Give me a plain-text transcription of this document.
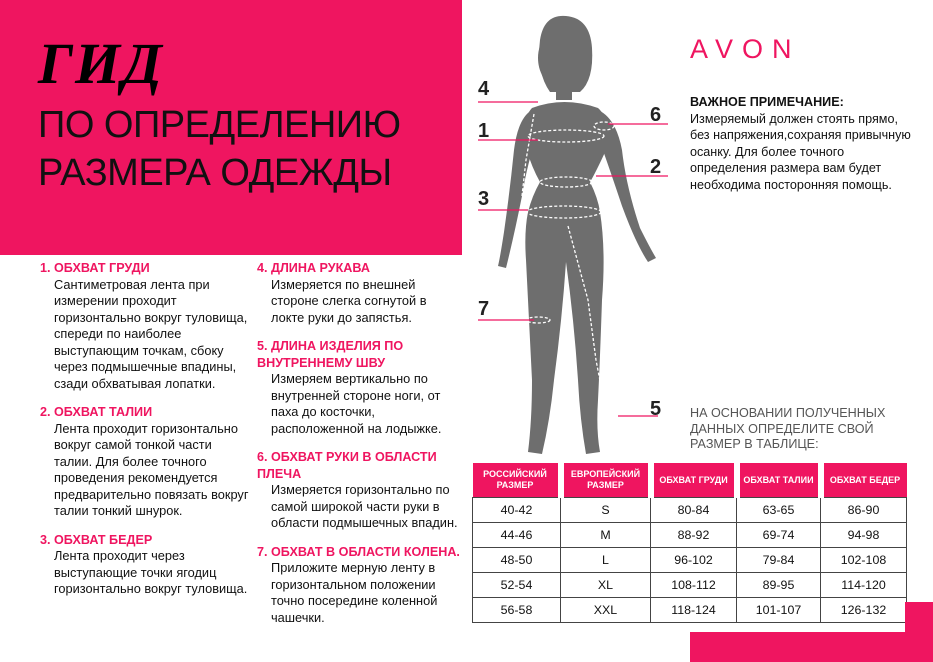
ГИД
ПО ОПРЕДЕЛЕНИЮ
РАЗМЕРА ОДЕЖДЫ
AVON
ВАЖНОЕ ПРИМЕЧАНИЕ:
Измеряемый должен стоять прямо, без напряжения,сохраняя привычную осанку. Для более точного определения размера вам будет необходима посторонняя помощь.
4
1
3
7
6
2
5
1. ОБХВАТ ГРУДИ
Сантиметровая лента при измерении проходит горизонтально вокруг туловища, спереди по наиболее выступающим точкам, сбоку через подмышечные впадины, сзади обхватывая лопатки.
2. ОБХВАТ ТАЛИИ
Лента проходит горизонтально вокруг самой тонкой части талии. Для более точного проведения рекомендуется предварительно повязать вокруг талии тонкий шнурок.
3. ОБХВАТ БЕДЕР
Лента проходит через выступающие точки ягодиц горизонтально вокруг туловища.
4. ДЛИНА РУКАВА
Измеряется по внешней стороне слегка согнутой в локте руки до запястья.
5. ДЛИНА ИЗДЕЛИЯ ПО ВНУТРЕННЕМУ ШВУ
Измеряем вертикально по внутренней стороне ноги, от паха до косточки, расположенной на лодыжке.
6. ОБХВАТ РУКИ В ОБЛАСТИ ПЛЕЧА
Измеряется горизонтально по самой широкой части руки в области подмышечных впадин.
7. ОБХВАТ В ОБЛАСТИ КОЛЕНА.
Приложите мерную ленту в горизонтальном положении точно посередине коленной чашечки.
НА ОСНОВАНИИ ПОЛУЧЕННЫХ ДАННЫХ ОПРЕДЕЛИТЕ СВОЙ РАЗМЕР В ТАБЛИЦЕ:
РОССИЙСКИЙ РАЗМЕР	ЕВРОПЕЙСКИЙ РАЗМЕР	ОБХВАТ ГРУДИ	ОБХВАТ ТАЛИИ	ОБХВАТ БЕДЕР
40-42	S	80-84	63-65	86-90
44-46	M	88-92	69-74	94-98
48-50	L	96-102	79-84	102-108
52-54	XL	108-112	89-95	114-120
56-58	XXL	118-124	101-107	126-132
